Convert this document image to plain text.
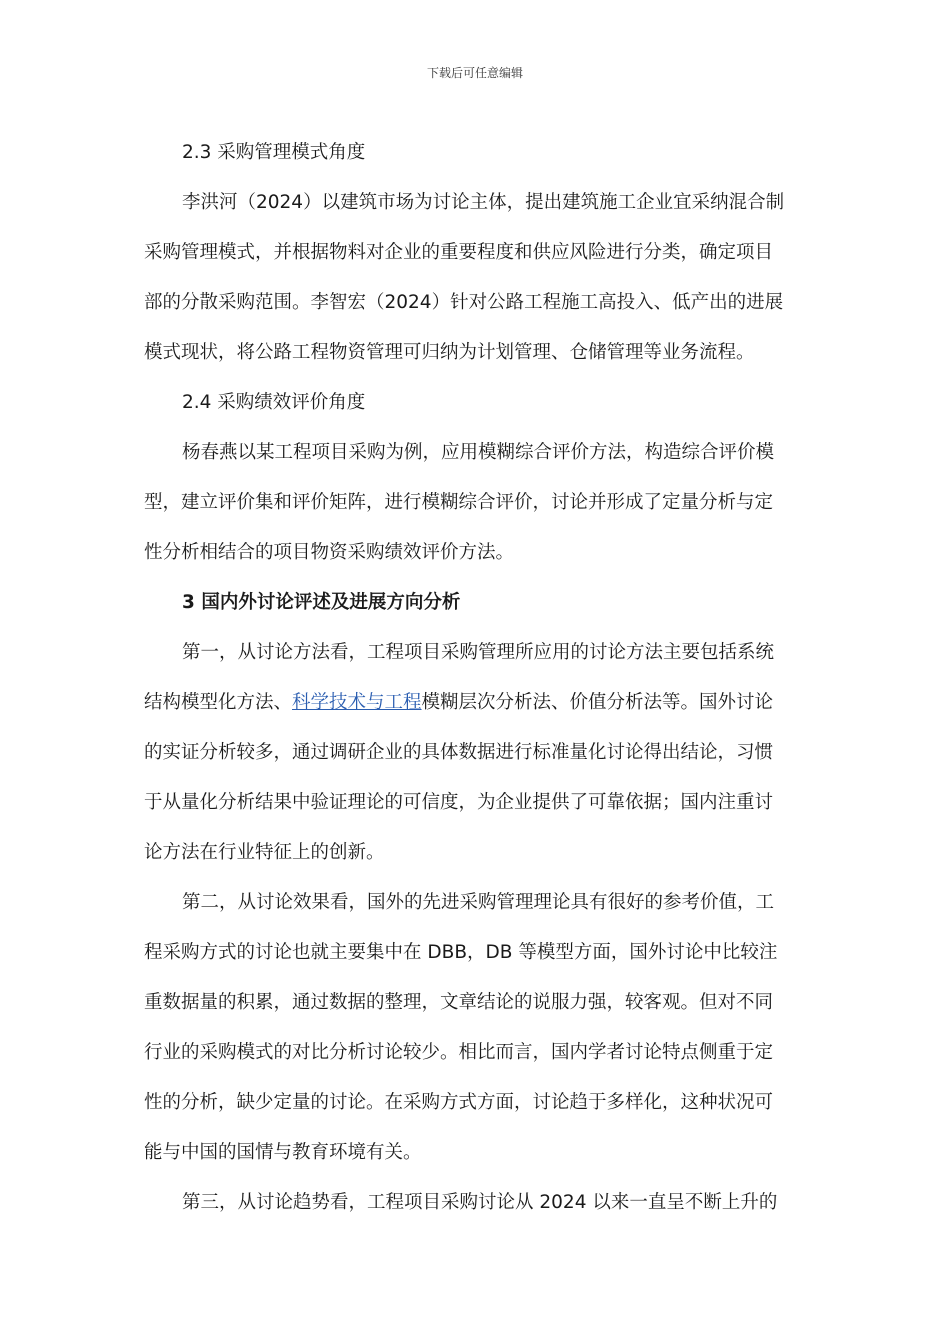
下载后可任意编辑
2.3 采购管理模式角度
李洪河（2024）以建筑市场为讨论主体，提出建筑施工企业宜采纳混合制
采购管理模式，并根据物料对企业的重要程度和供应风险进行分类，确定项目
部的分散采购范围。李智宏（2024）针对公路工程施工高投入、低产出的进展
模式现状，将公路工程物资管理可归纳为计划管理、仓储管理等业务流程。
2.4 采购绩效评价角度
杨春燕以某工程项目采购为例，应用模糊综合评价方法，构造综合评价模
型，建立评价集和评价矩阵，进行模糊综合评价，讨论并形成了定量分析与定
性分析相结合的项目物资采购绩效评价方法。
3 国内外讨论评述及进展方向分析
第一，从讨论方法看，工程项目采购管理所应用的讨论方法主要包括系统
结构模型化方法、科学技术与工程模糊层次分析法、价值分析法等。国外讨论
的实证分析较多，通过调研企业的具体数据进行标准量化讨论得出结论，习惯
于从量化分析结果中验证理论的可信度，为企业提供了可靠依据；国内注重讨
论方法在行业特征上的创新。
第二，从讨论效果看，国外的先进采购管理理论具有很好的参考价值，工
程采购方式的讨论也就主要集中在 DBB，DB 等模型方面，国外讨论中比较注
重数据量的积累，通过数据的整理，文章结论的说服力强，较客观。但对不同
行业的采购模式的对比分析讨论较少。相比而言，国内学者讨论特点侧重于定
性的分析，缺少定量的讨论。在采购方式方面，讨论趋于多样化，这种状况可
能与中国的国情与教育环境有关。
第三，从讨论趋势看，工程项目采购讨论从 2024 以来一直呈不断上升的
